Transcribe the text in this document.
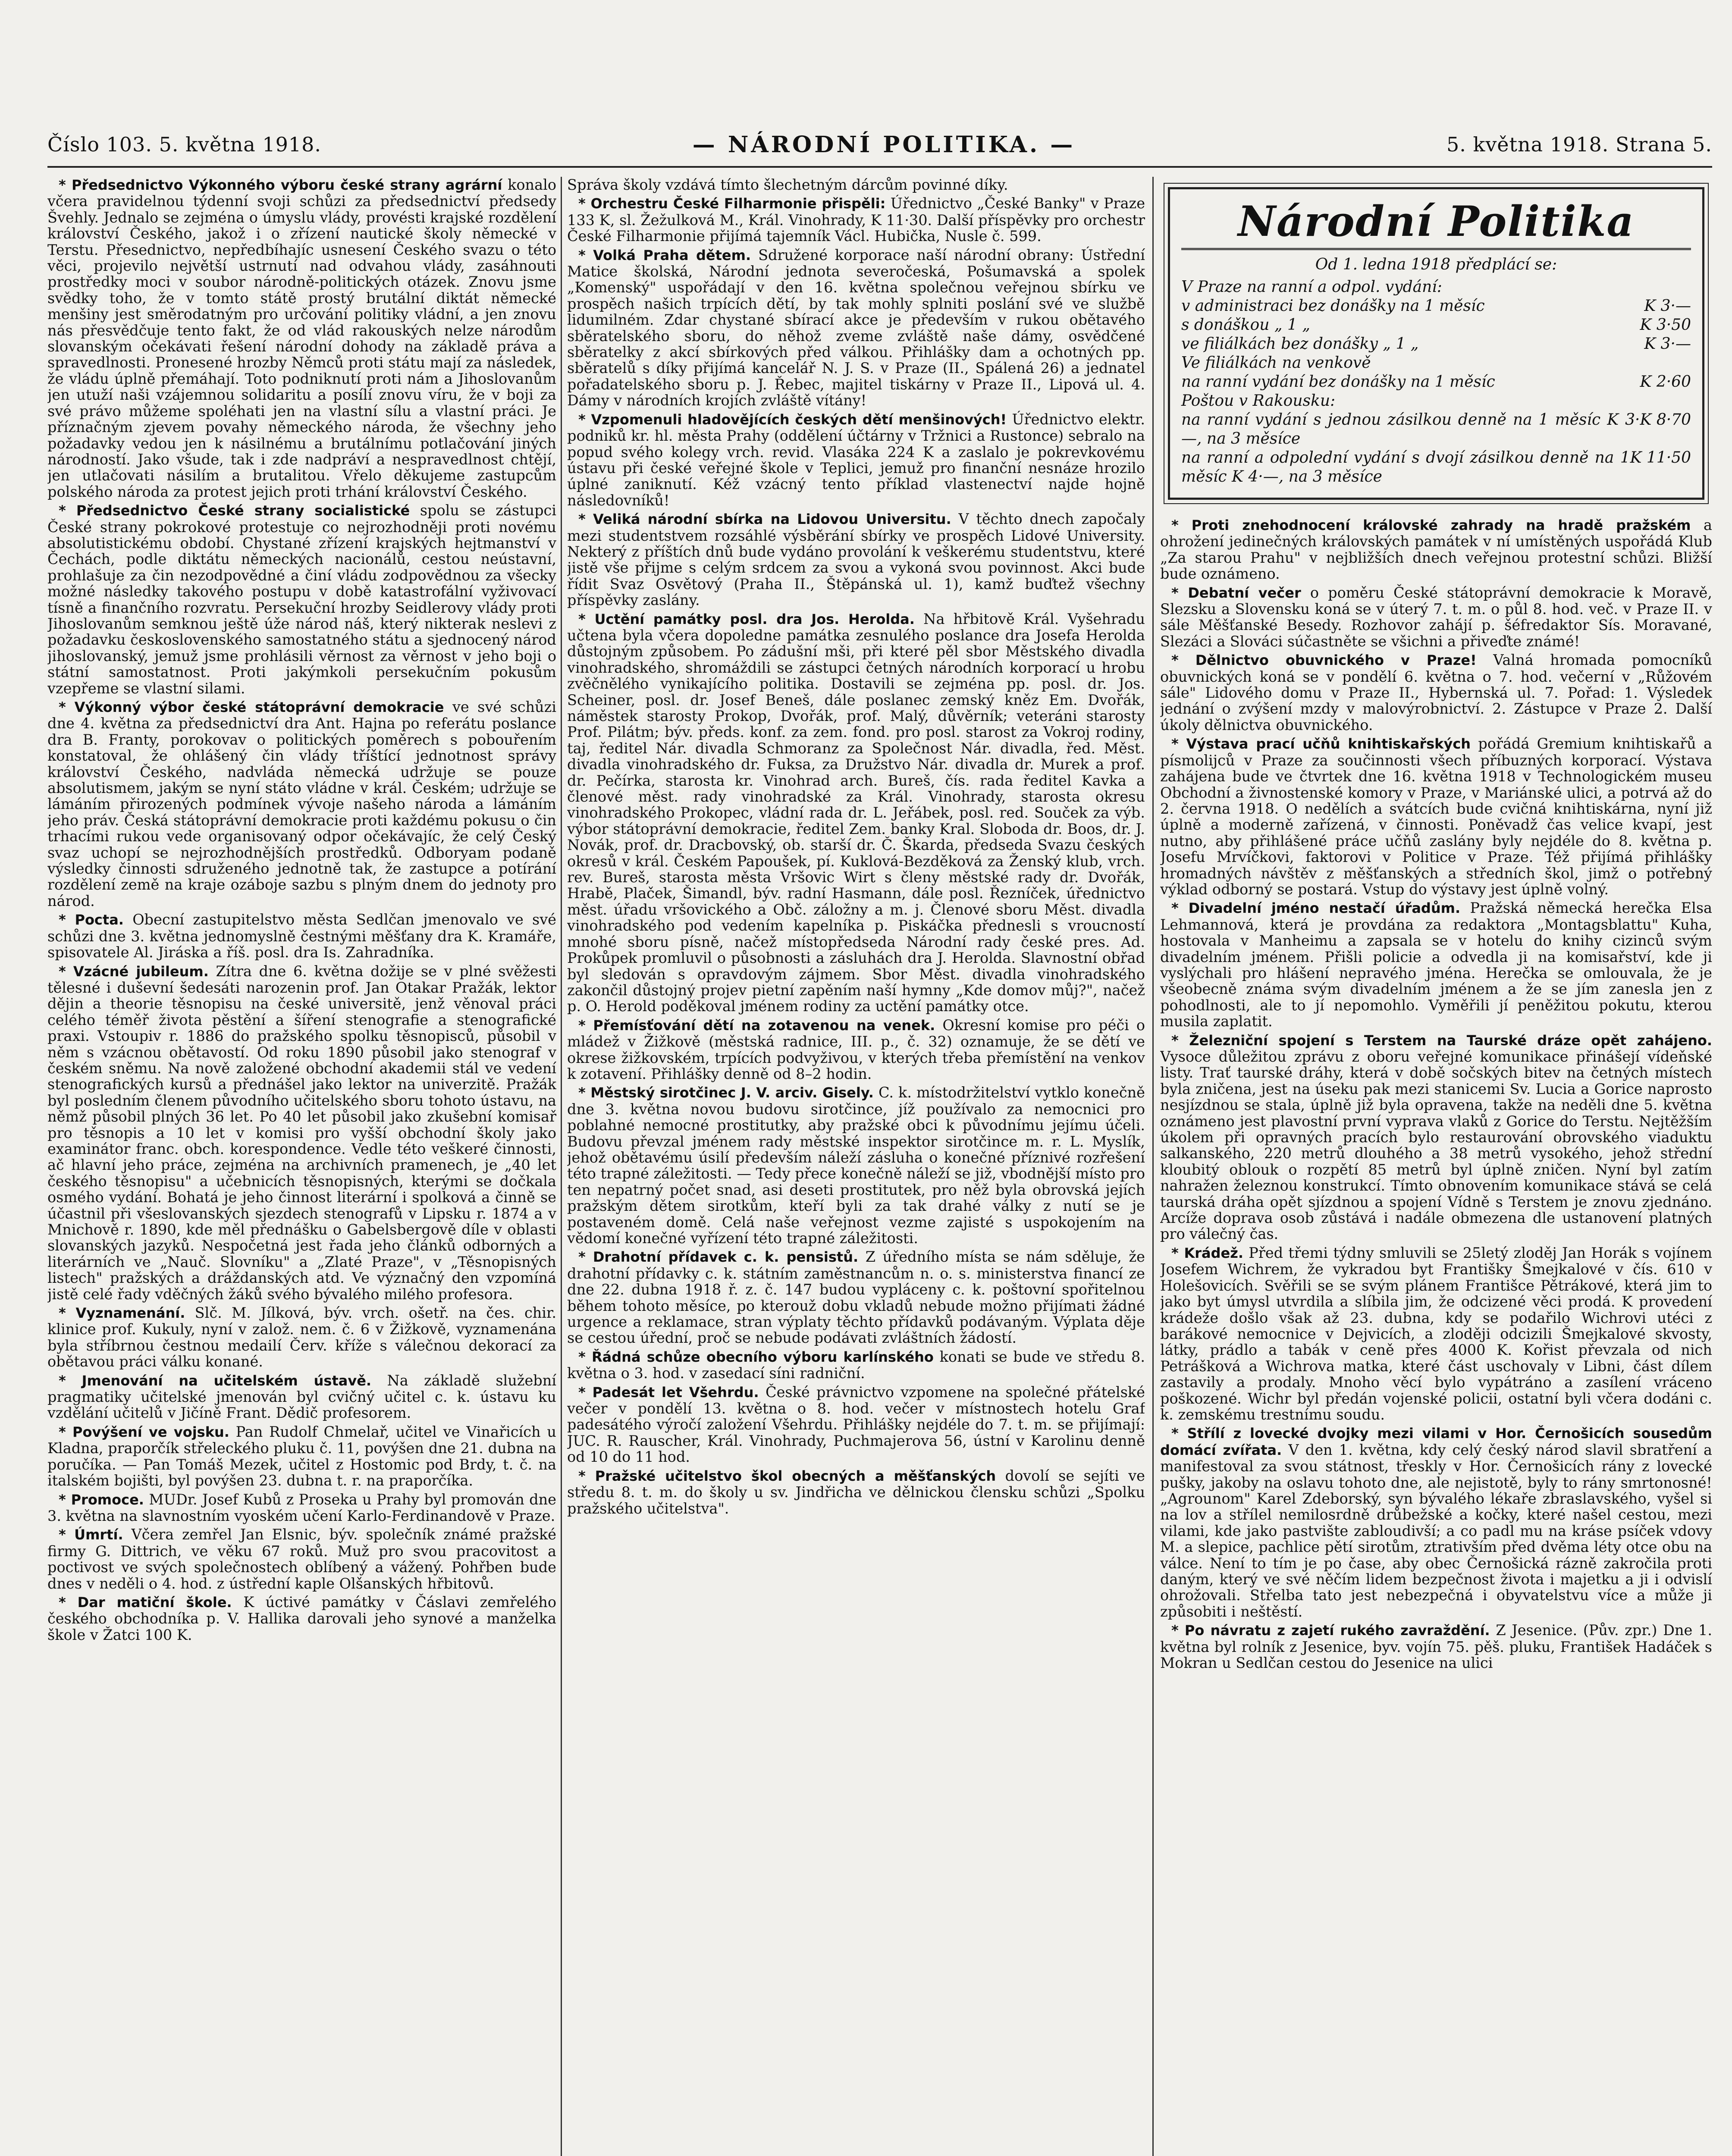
Číslo 103. 5. května 1918.	— NÁRODNÍ POLITIKA. —	5. května 1918. Strana 5.

* Předsednictvo Výkonného výboru české strany agrární konalo včera pravidelnou týdenní svoji schůzi za předsednictví předsedy Švehly. Jednalo se zejména o úmyslu vlády, provésti krajské rozdělení království Českého, jakož i o zřízení nautické školy německé v Terstu. Přesednictvo, nepředbíhajíc usnesení Českého svazu o této věci, projevilo největší ustrnutí nad odvahou vlády, zasáhnouti prostředky moci v soubor národně-politických otázek. Znovu jsme svědky toho, že v tomto státě prostý brutální diktát německé menšiny jest směrodatným pro určování politiky vládní, a jen znovu nás přesvědčuje tento fakt, že od vlád rakouských nelze národům slovanským očekávati řešení národní dohody na základě práva a spravedlnosti. Pronesené hrozby Němců proti státu mají za následek, že vládu úplně přemáhají. Toto podniknutí proti nám a Jihoslovanům jen utuží naši vzájemnou solidaritu a posílí znovu víru, že v boji za své právo můžeme spoléhati jen na vlastní sílu a vlastní práci. Je příznačným zjevem povahy německého národa, že všechny jeho požadavky vedou jen k násilnému a brutálnímu potlačování jiných národností. Jako všude, tak i zde nadpráví a nespravedlnost chtějí, jen utlačovati násilím a brutalitou. Vřelo děkujeme zastupcům polského národa za protest jejich proti trhání království Českého.

* Předsednictvo České strany socialistické spolu se zástupci České strany pokrokové protestuje co nejrozhodněji proti novému absolutistickému období. Chystané zřízení krajských hejtmanství v Čechách, podle diktátu německých nacionálů, cestou neústavní, prohlašuje za čin nezodpovědné a činí vládu zodpovědnou za všecky možné následky takového postupu v době katastrofální vyživovací tísně a finančního rozvratu. Persekuční hrozby Seidlerovy vlády proti Jihoslovanům semknou ještě úže národ náš, který nikterak neslevi z požadavku československého samostatného státu a sjednocený národ jihoslovanský, jemuž jsme prohlásili věrnost za věrnost v jeho boji o státní samostatnost. Proti jakýmkoli persekučním pokusům vzepřeme se vlastní silami.

* Výkonný výbor české státoprávní demokracie ve své schůzi dne 4. května za předsednictví dra Ant. Hajna po referátu poslance dra B. Franty, porokovav o politických poměrech s pobouřením konstatoval, že ohlášený čin vlády tříštící jednotnost správy království Českého, nadvláda německá udržuje se pouze absolutismem, jakým se nyní státo vládne v král. Českém; udržuje se lámáním přirozených podmínek vývoje našeho národa a lámáním jeho práv. Česká státoprávní demokracie proti každému pokusu o čin trhacími rukou vede organisovaný odpor očekávajíc, že celý Český svaz uchopí se nejrozhodnějších prostředků. Odboryam podaně výsledky činnosti sdruženého jednotně tak, že zastupce a potírání rozdělení země na kraje ozáboje sazbu s plným dnem do jednoty pro národ.

* Pocta. Obecní zastupitelstvo města Sedlčan jmenovalo ve své schůzi dne 3. května jednomyslně čestnými měšťany dra K. Kramáře, spisovatele Al. Jiráska a říš. posl. dra Is. Zahradníka.

* Vzácné jubileum. Zítra dne 6. května dožije se v plné svěžesti tělesné i duševní šedesáti narozenin prof. Jan Otakar Pražák, lektor dějin a theorie těsnopisu na české universitě, jenž věnoval práci celého téměř života pěstění a šíření stenografie a stenografické praxi. Vstoupiv r. 1886 do pražského spolku těsnopisců, působil v něm s vzácnou obětavostí. Od roku 1890 působil jako stenograf v českém sněmu. Na nově založené obchodní akademii stál ve vedení stenografických kursů a přednášel jako lektor na univerzitě. Pražák byl posledním členem původního učitelského sboru tohoto ústavu, na němž působil plných 36 let. Po 40 let působil jako zkušební komisař pro těsnopis a 10 let v komisi pro vyšší obchodní školy jako examinátor franc. obch. korespondence. Vedle této veškeré činnosti, ač hlavní jeho práce, zejména na archivních pramenech, je „40 let českého těsnopisu" a učebnicích těsnopisných, kterými se dočkala osmého vydání. Bohatá je jeho činnost literární i spolková a činně se účastnil při všeslovanských sjezdech stenografů v Lipsku r. 1874 a v Mnichově r. 1890, kde měl přednášku o Gabelsbergově díle v oblasti slovanských jazyků. Nespočetná jest řada jeho článků odborných a literárních ve „Nauč. Slovníku" a „Zlaté Praze", v „Těsnopisných listech" pražských a dráždanských atd. Ve význačný den vzpomíná jistě celé řady vděčných žáků svého bývalého milého profesora.

* Vyznamenání. Slč. M. Jílková, býv. vrch. ošetř. na čes. chir. klinice prof. Kukuly, nyní v založ. nem. č. 6 v Žižkově, vyznamenána byla stříbrnou čestnou medailí Červ. kříže s válečnou dekorací za obětavou práci válku konané.

* Jmenování na učitelském ústavě. Na základě služební pragmatiky učitelské jmenován byl cvičný učitel c. k. ústavu ku vzdělání učitelů v Jičíně Frant. Dědič profesorem.

* Povýšení ve vojsku. Pan Rudolf Chmelař, učitel ve Vinařicích u Kladna, praporčík střeleckého pluku č. 11, povýšen dne 21. dubna na poručíka. — Pan Tomáš Mezek, učitel z Hostomic pod Brdy, t. č. na italském bojišti, byl povýšen 23. dubna t. r. na praporčíka.

* Promoce. MUDr. Josef Kubů z Proseka u Prahy byl promován dne 3. května na slavnostním vyoském učení Karlo-Ferdinandově v Praze.

* Úmrtí. Včera zemřel Jan Elsnic, býv. společník známé pražské firmy G. Dittrich, ve věku 67 roků. Muž pro svou pracovitost a poctivost ve svých společnostech oblíbený a vážený. Pohřben bude dnes v neděli o 4. hod. z ústřední kaple Olšanských hřbitovů.

* Dar matiční škole. K úctivé památky v Čáslavi zemřelého českého obchodníka p. V. Hallika darovali jeho synové a manželka škole v Žatci 100 K.

Správa školy vzdává tímto šlechetným dárcům povinné díky.

* Orchestru České Filharmonie přispěli: Úřednictvo „České Banky" v Praze 133 K, sl. Žežulková M., Král. Vinohrady, K 11·30. Další příspěvky pro orchestr České Filharmonie přijímá tajemník Václ. Hubička, Nusle č. 599.

* Volká Praha dětem. Sdružené korporace naší národní obrany: Ústřední Matice školská, Národní jednota severočeská, Pošumavská a spolek „Komenský" uspořádají v den 16. května společnou veřejnou sbírku ve prospěch našich trpících dětí, by tak mohly splniti poslání své ve službě lidumilném. Zdar chystané sbírací akce je především v rukou obětavého sběratelského sboru, do něhož zveme zvláště naše dámy, osvědčené sběratelky z akcí sbírkových před válkou. Přihlášky dam a ochotných pp. sběratelů s díky přijímá kancelář N. J. S. v Praze (II., Spálená 26) a jednatel pořadatelského sboru p. J. Řebec, majitel tiskárny v Praze II., Lipová ul. 4. Dámy v národních krojích zvláště vítány!

* Vzpomenuli hladovějících českých dětí menšinových! Úřednictvo elektr. podniků kr. hl. města Prahy (oddělení účtárny v Tržnici a Rustonce) sebralo na popud svého kolegy vrch. revid. Vlasáka 224 K a zaslalo je pokrevkovému ústavu při české veřejné škole v Teplici, jemuž pro finanční nesnáze hrozilo úplné zaniknutí. Kéž vzácný tento příklad vlastenectví najde hojně následovníků!

* Veliká národní sbírka na Lidovou Universitu. V těchto dnech započaly mezi studentstvem rozsáhlé výsběrání sbírky ve prospěch Lidové University. Nekterý z příštích dnů bude vydáno provolání k veškerému studentstvu, které jistě vše přijme s celým srdcem za svou a vykoná svou povinnost. Akci bude řídit Svaz Osvětový (Praha II., Štěpánská ul. 1), kamž buďtež všechny příspěvky zaslány.

* Uctění památky posl. dra Jos. Herolda. Na hřbitově Král. Vyšehradu učtena byla včera dopoledne památka zesnulého poslance dra Josefa Herolda důstojným způsobem. Po zádušní mši, při které pěl sbor Městského divadla vinohradského, shromáždili se zástupci četných národních korporací u hrobu zvěčnělého vynikajícího politika. Dostavili se zejména pp. posl. dr. Jos. Scheiner, posl. dr. Josef Beneš, dále poslanec zemský kněz Em. Dvořák, náměstek starosty Prokop, Dvořák, prof. Malý, důvěrník; veteráni starosty Prof. Pilátm; býv. předs. konf. za zem. fond. pro posl. starost za Vokroj rodiny, taj, ředitel Nár. divadla Schmoranz za Společnost Nár. divadla, řed. Měst. divadla vinohradského dr. Fuksa, za Družstvo Nár. divadla dr. Murek a prof. dr. Pečírka, starosta kr. Vinohrad arch. Bureš, čís. rada ředitel Kavka a členové měst. rady vinohradské za Král. Vinohrady, starosta okresu vinohradského Prokopec, vládní rada dr. L. Jeřábek, posl. red. Souček za výb. výbor státoprávní demokracie, ředitel Zem. banky Kral. Sloboda dr. Boos, dr. J. Novák, prof. dr. Dracbovský, ob. starší dr. Č. Škarda, předseda Svazu českých okresů v král. Českém Papoušek, pí. Kuklová-Bezděková za Ženský klub, vrch. rev. Bureš, starosta města Vršovic Wirt s členy městské rady dr. Dvořák, Hrabě, Plaček, Šimandl, býv. radní Hasmann, dále posl. Řezníček, úřednictvo měst. úřadu vršovického a Obč. záložny a m. j. Členové sboru Měst. divadla vinohradského pod vedením kapelníka p. Piskáčka přednesli s vroucností mnohé sboru písně, načež místopředseda Národní rady české pres. Ad. Prokůpek promluvil o působnosti a zásluhách dra J. Herolda. Slavnostní obřad byl sledován s opravdovým zájmem. Sbor Měst. divadla vinohradského zakončil důstojný projev pietní zapěním naší hymny „Kde domov můj?", načež p. O. Herold poděkoval jménem rodiny za uctění památky otce.

* Přemísťování dětí na zotavenou na venek. Okresní komise pro péči o mládež v Žižkově (městská radnice, III. p., č. 32) oznamuje, že se dětí ve okrese žižkovském, trpících podvyživou, v kterých třeba přemístění na venkov k zotavení. Přihlášky denně od 8–2 hodin.

* Městský sirotčinec J. V. arciv. Gisely. C. k. místodržitelství vytklo konečně dne 3. května novou budovu sirotčince, jíž používalo za nemocnici pro poblahné nemocné prostitutky, aby pražské obci k původnímu jejímu účeli. Budovu převzal jménem rady městské inspektor sirotčince m. r. L. Myslík, jehož obětavému úsilí především náleží zásluha o konečné příznivé rozřešení této trapné záležitosti. — Tedy přece konečně náleží se již, vbodnější místo pro ten nepatrný počet snad, asi deseti prostitutek, pro něž byla obrovská jejích pražským dětem sirotkům, kteří byli za tak drahé války z nutí se je postaveném domě. Celá naše veřejnost vezme zajisté s uspokojením na vědomí konečné vyřízení této trapné záležitosti.

* Drahotní přídavek c. k. pensistů. Z úředního místa se nám sděluje, že drahotní přídavky c. k. státním zaměstnancům n. o. s. ministerstva financí ze dne 22. dubna 1918 ř. z. č. 147 budou vypláceny c. k. poštovní spořitelnou během tohoto měsíce, po kterouž dobu vkladů nebude možno přijímati žádné urgence a reklamace, stran výplaty těchto přídavků podávaným. Výplata děje se cestou úřední, proč se nebude podávati zvláštních žádostí.

* Řádná schůze obecního výboru karlínského konati se bude ve středu 8. května o 3. hod. v zasedací síni radniční.

* Padesát let Všehrdu. České právnictvo vzpomene na společné přátelské večer v pondělí 13. května o 8. hod. večer v místnostech hotelu Graf padesátého výročí založení Všehrdu. Přihlášky nejdéle do 7. t. m. se přijímají: JUC. R. Rauscher, Král. Vinohrady, Puchmajerova 56, ústní v Karolinu denně od 10 do 11 hod.

* Pražské učitelstvo škol obecných a měšťanských dovolí se sejíti ve středu 8. t. m. do školy u sv. Jindřicha ve dělnickou člensku schůzi „Spolku pražského učitelstva".

Národní Politika
Od 1. ledna 1918 předplácí se:
V Praze na ranní a odpol. vydání:
v administraci bez donášky na 1 měsíc	K 3·—
s donáškou „ 1 „	K 3·50
ve filiálkách bez donášky „ 1 „	K 3·—
Ve filiálkách na venkově
na ranní vydání bez donášky na 1 měsíc	K 2·60
Poštou v Rakousku:
na ranní vydání s jednou zásilkou denně na 1 měsíc K 3·—, na 3 měsíce
K 8·70
na ranní a odpolední vydání s dvojí zásilkou denně na 1 měsíc K 4·—, na 3 měsíce
K 11·50

* Proti znehodnocení královské zahrady na hradě pražském a ohrožení jedinečných královských památek v ní umístěných uspořádá Klub „Za starou Prahu" v nejbližších dnech veřejnou protestní schůzi. Bližší bude oznámeno.

* Debatní večer o poměru České státoprávní demokracie k Moravě, Slezsku a Slovensku koná se v úterý 7. t. m. o půl 8. hod. več. v Praze II. v sále Měšťanské Besedy. Rozhovor zahájí p. šéfredaktor Sís. Moravané, Slezáci a Slováci súčastněte se všichni a přiveďte známé!

* Dělnictvo obuvnického v Praze! Valná hromada pomocníků obuvnických koná se v pondělí 6. května o 7. hod. večerní v „Růžovém sále" Lidového domu v Praze II., Hybernská ul. 7. Pořad: 1. Výsledek jednání o zvýšení mzdy v malovýrobnictví. 2. Zástupce v Praze 2. Další úkoly dělnictva obuvnického.

* Výstava prací učňů knihtiskařských pořádá Gremium knihtiskařů a písmolijců v Praze za součinnosti všech příbuzných korporací. Výstava zahájena bude ve čtvrtek dne 16. května 1918 v Technologickém museu Obchodní a živnostenské komory v Praze, v Mariánské ulici, a potrvá až do 2. června 1918. O nedělích a svátcích bude cvičná knihtiskárna, nyní již úplně a moderně zařízená, v činnosti. Poněvadž čas velice kvapí, jest nutno, aby přihlášené práce učňů zaslány byly nejdéle do 8. května p. Josefu Mrvíčkovi, faktorovi v Politice v Praze. Též přijímá přihlášky hromadných návštěv z měšťanských a středních škol, jimž o potřebný výklad odborný se postará. Vstup do výstavy jest úplně volný.

* Divadelní jméno nestačí úřadům. Pražská německá herečka Elsa Lehmannová, která je provdána za redaktora „Montagsblattu" Kuha, hostovala v Manheimu a zapsala se v hotelu do knihy cizinců svým divadelním jménem. Přišli policie a odvedla ji na komisařství, kde ji vyslýchali pro hlášení nepravého jména. Herečka se omlouvala, že je všeobecně známa svým divadelním jménem a že se jím zanesla jen z pohodlnosti, ale to jí nepomohlo. Vyměřili jí peněžitou pokutu, kterou musila zaplatit.

* Železniční spojení s Terstem na Taurské dráze opět zahájeno. Vysoce důležitou zprávu z oboru veřejné komunikace přinášejí vídeňské listy. Trať taurské dráhy, která v době sočských bitev na četných místech byla zničena, jest na úseku pak mezi stanicemi Sv. Lucia a Gorice naprosto nesjízdnou se stala, úplně již byla opravena, takže na neděli dne 5. května oznámeno jest plavostní první vyprava vlaků z Gorice do Terstu. Nejtěžším úkolem při opravných pracích bylo restaurování obrovského viaduktu salkanského, 220 metrů dlouhého a 38 metrů vysokého, jehož střední kloubitý oblouk o rozpětí 85 metrů byl úplně zničen. Nyní byl zatím nahražen železnou konstrukcí. Tímto obnovením komunikace stává se celá taurská dráha opět sjízdnou a spojení Vídně s Terstem je znovu zjednáno. Arcíže doprava osob zůstává i nadále obmezena dle ustanovení platných pro válečný čas.

* Krádež. Před třemi týdny smluvili se 25letý zloděj Jan Horák s vojínem Josefem Wichrem, že vykradou byt Františky Šmejkalové v čís. 610 v Holešovicích. Svěřili se se svým plánem Františce Pětrákové, která jim to jako byt úmysl utvrdila a slíbila jim, že odcizené věci prodá. K provedení krádeže došlo však až 23. dubna, kdy se podařilo Wichrovi utéci z barákové nemocnice v Dejvicích, a zloději odcizili Šmejkalové skvosty, látky, prádlo a tabák v ceně přes 4000 K. Kořist převzala od nich Petrášková a Wichrova matka, které část uschovaly v Libni, část dílem zastavily a prodaly. Mnoho věcí bylo vypátráno a zasílení vráceno poškozené. Wichr byl předán vojenské policii, ostatní byli včera dodáni c. k. zemskému trestnímu soudu.

* Střílí z lovecké dvojky mezi vilami v Hor. Černošicích sousedům domácí zvířata. V den 1. května, kdy celý český národ slavil sbratření a manifestoval za svou státnost, třeskly v Hor. Černošicích rány z lovecké pušky, jakoby na oslavu tohoto dne, ale nejistotě, byly to rány smrtonosné! „Agrounom" Karel Zdeborský, syn bývalého lékaře zbraslavského, vyšel si na lov a střílel nemilosrdně drůbežské a kočky, které našel cestou, mezi vilami, kde jako pastvište zabloudivší; a co padl mu na kráse psíček vdovy M. a slepice, pachlice pětí sirotům, ztrativším před dvěma léty otce obu na válce. Není to tím je po čase, aby obec Černošická rázně zakročila proti daným, který ve své něčím lidem bezpečnost života i majetku a ji i odvislí ohrožovali. Střelba tato jest nebezpečná i obyvatelstvu více a může ji způsobiti i neštěstí.

* Po návratu z zajetí rukého zavraždění. Z Jesenice. (Pův. zpr.) Dne 1. května byl rolník z Jesenice, byv. vojín 75. pěš. pluku, František Hadáček s Mokran u Sedlčan cestou do Jesenice na ulici
